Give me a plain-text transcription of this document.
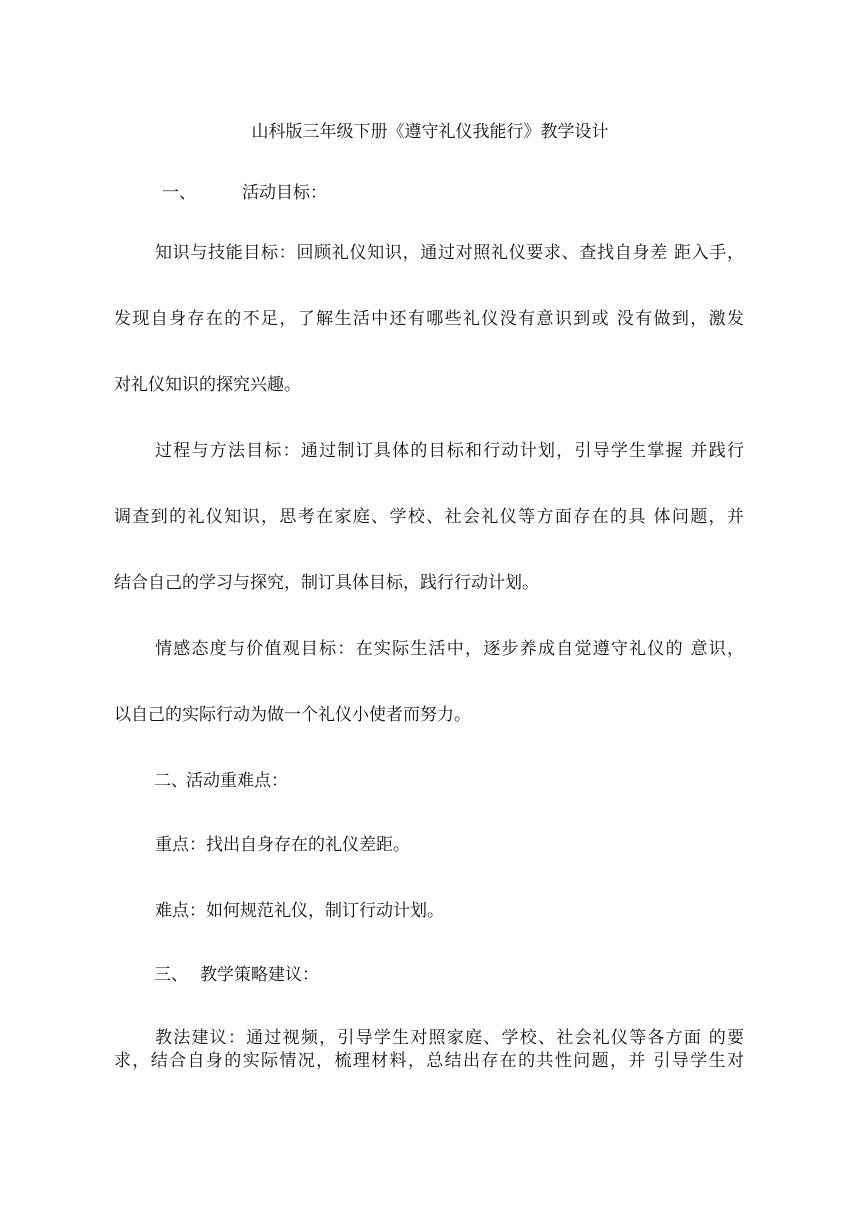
山科版三年级下册《遵守礼仪我能行》教学设计
一、	活动目标：
知识与技能目标：回顾礼仪知识，通过对照礼仪要求、查找自身差 距入手，
发现自身存在的不足，了解生活中还有哪些礼仪没有意识到或 没有做到，激发
对礼仪知识的探究兴趣。
过程与方法目标：通过制订具体的目标和行动计划，引导学生掌握 并践行
调查到的礼仪知识，思考在家庭、学校、社会礼仪等方面存在的具 体问题，并
结合自己的学习与探究，制订具体目标，践行行动计划。
情感态度与价值观目标：在实际生活中，逐步养成自觉遵守礼仪的 意识，
以自己的实际行动为做一个礼仪小使者而努力。
二、
活动重难点：
重点：找出自身存在的礼仪差距。
难点：如何规范礼仪，制订行动计划。
三、 教学策略建议：
教法建议：通过视频，引导学生对照家庭、学校、社会礼仪等各方面 的要
求，结合自身的实际情况，梳理材料，总结出存在的共性问题，并 引导学生对
